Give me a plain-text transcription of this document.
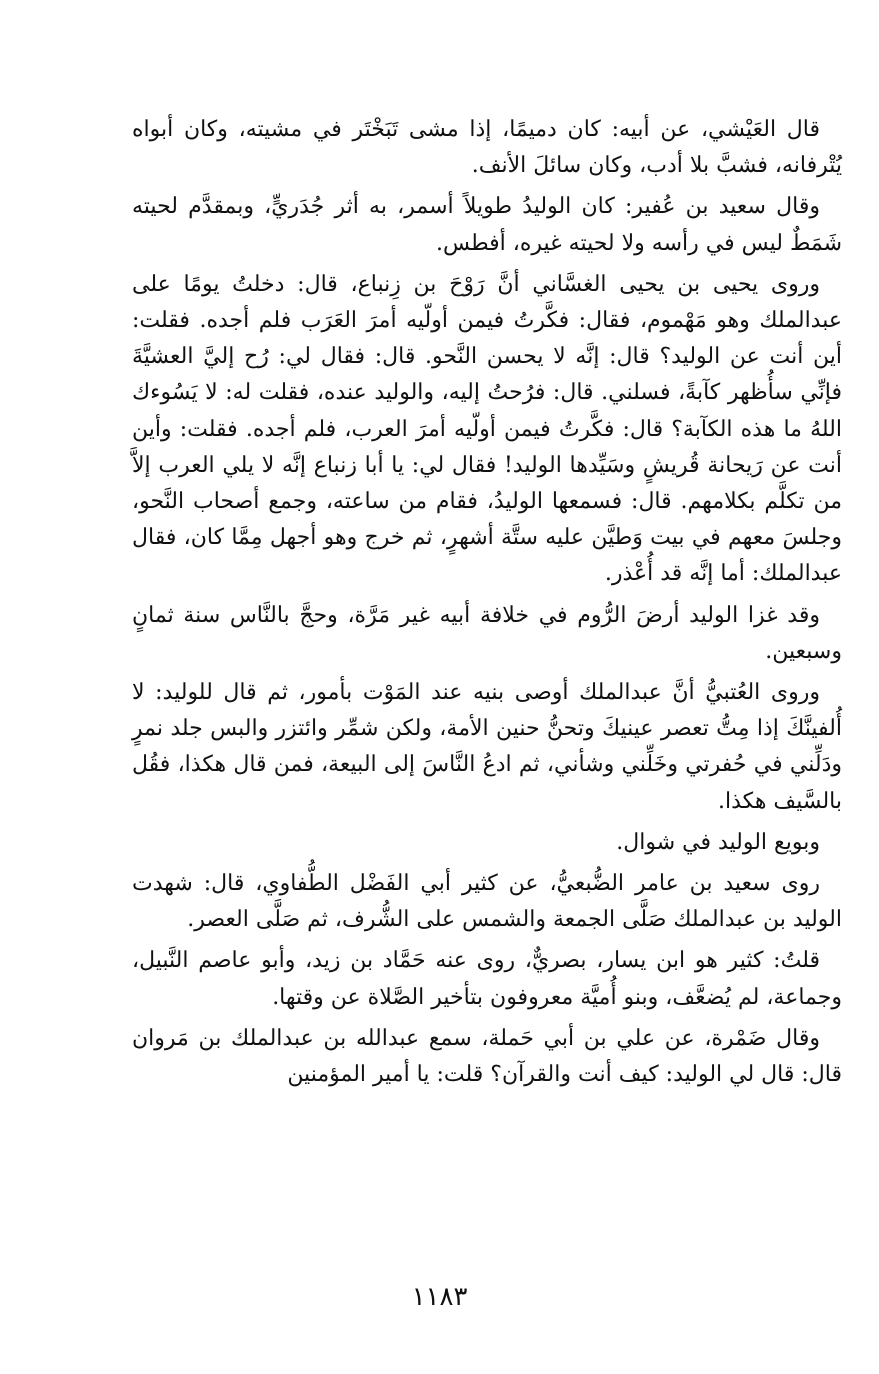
قال العَيْشي، عن أبيه: كان دميمًا، إذا مشى تَبَخْتَر في مشيته، وكان أبواه يُتْرفانه، فشبَّ بلا أدب، وكان سائلَ الأنف.

وقال سعيد بن عُفير: كان الوليدُ طويلاً أسمر، به أثر جُدَريٍّ، وبمقدَّم لحيته شَمَطٌ ليس في رأسه ولا لحيته غيره، أفطس.

وروى يحيى بن يحيى الغسَّاني أنَّ رَوْحَ بن زِنباع، قال: دخلتُ يومًا على عبدالملك وهو مَهْموم، فقال: فكَّرتُ فيمن أولّيه أمرَ العَرَب فلم أجده. فقلت: أين أنت عن الوليد؟ قال: إنَّه لا يحسن النَّحو. قال: فقال لي: رُح إليَّ العشيَّةَ فإنِّي سأُظهر كآبةً، فسلني. قال: فرُحتُ إليه، والوليد عنده، فقلت له: لا يَسُوءك اللهُ ما هذه الكآبة؟ قال: فكَّرتُ فيمن أولّيه أمرَ العرب، فلم أجده. فقلت: وأين أنت عن رَيحانة قُريشٍ وسَيِّدها الوليد! فقال لي: يا أبا زنباع إنَّه لا يلي العرب إلاَّ من تكلَّم بكلامهم. قال: فسمعها الوليدُ، فقام من ساعته، وجمع أصحاب النَّحو، وجلسَ معهم في بيت وَطيَّن عليه ستَّة أشهرٍ، ثم خرج وهو أجهل مِمَّا كان، فقال عبدالملك: أما إنَّه قد أُعْذر.

وقد غزا الوليد أرضَ الرُّوم في خلافة أبيه غير مَرَّة، وحجَّ بالنَّاس سنة ثمانٍ وسبعين.

وروى العُتبيُّ أنَّ عبدالملك أوصى بنيه عند المَوْت بأمور، ثم قال للوليد: لا أُلفينَّكَ إذا مِتُّ تعصر عينيكَ وتحنُّ حنين الأمة، ولكن شمِّر وائتزر والبس جلد نمرٍ ودَلِّني في حُفرتي وخَلِّني وشأني، ثم ادعُ النَّاسَ إلى البيعة، فمن قال هكذا، فقُل بالسَّيف هكذا.

وبويع الوليد في شوال.

روى سعيد بن عامر الضُّبعيُّ، عن كثير أبي الفَضْل الطُّفاوي، قال: شهدت الوليد بن عبدالملك صَلَّى الجمعة والشمس على الشُّرف، ثم صَلَّى العصر.

قلتُ: كثير هو ابن يسار، بصريٌّ، روى عنه حَمَّاد بن زيد، وأبو عاصم النَّبيل، وجماعة، لم يُضعَّف، وبنو أُميَّة معروفون بتأخير الصَّلاة عن وقتها.

وقال ضَمْرة، عن علي بن أبي حَملة، سمع عبدالله بن عبدالملك بن مَروان قال: قال لي الوليد: كيف أنت والقرآن؟ قلت: يا أمير المؤمنين

١١٨٣
